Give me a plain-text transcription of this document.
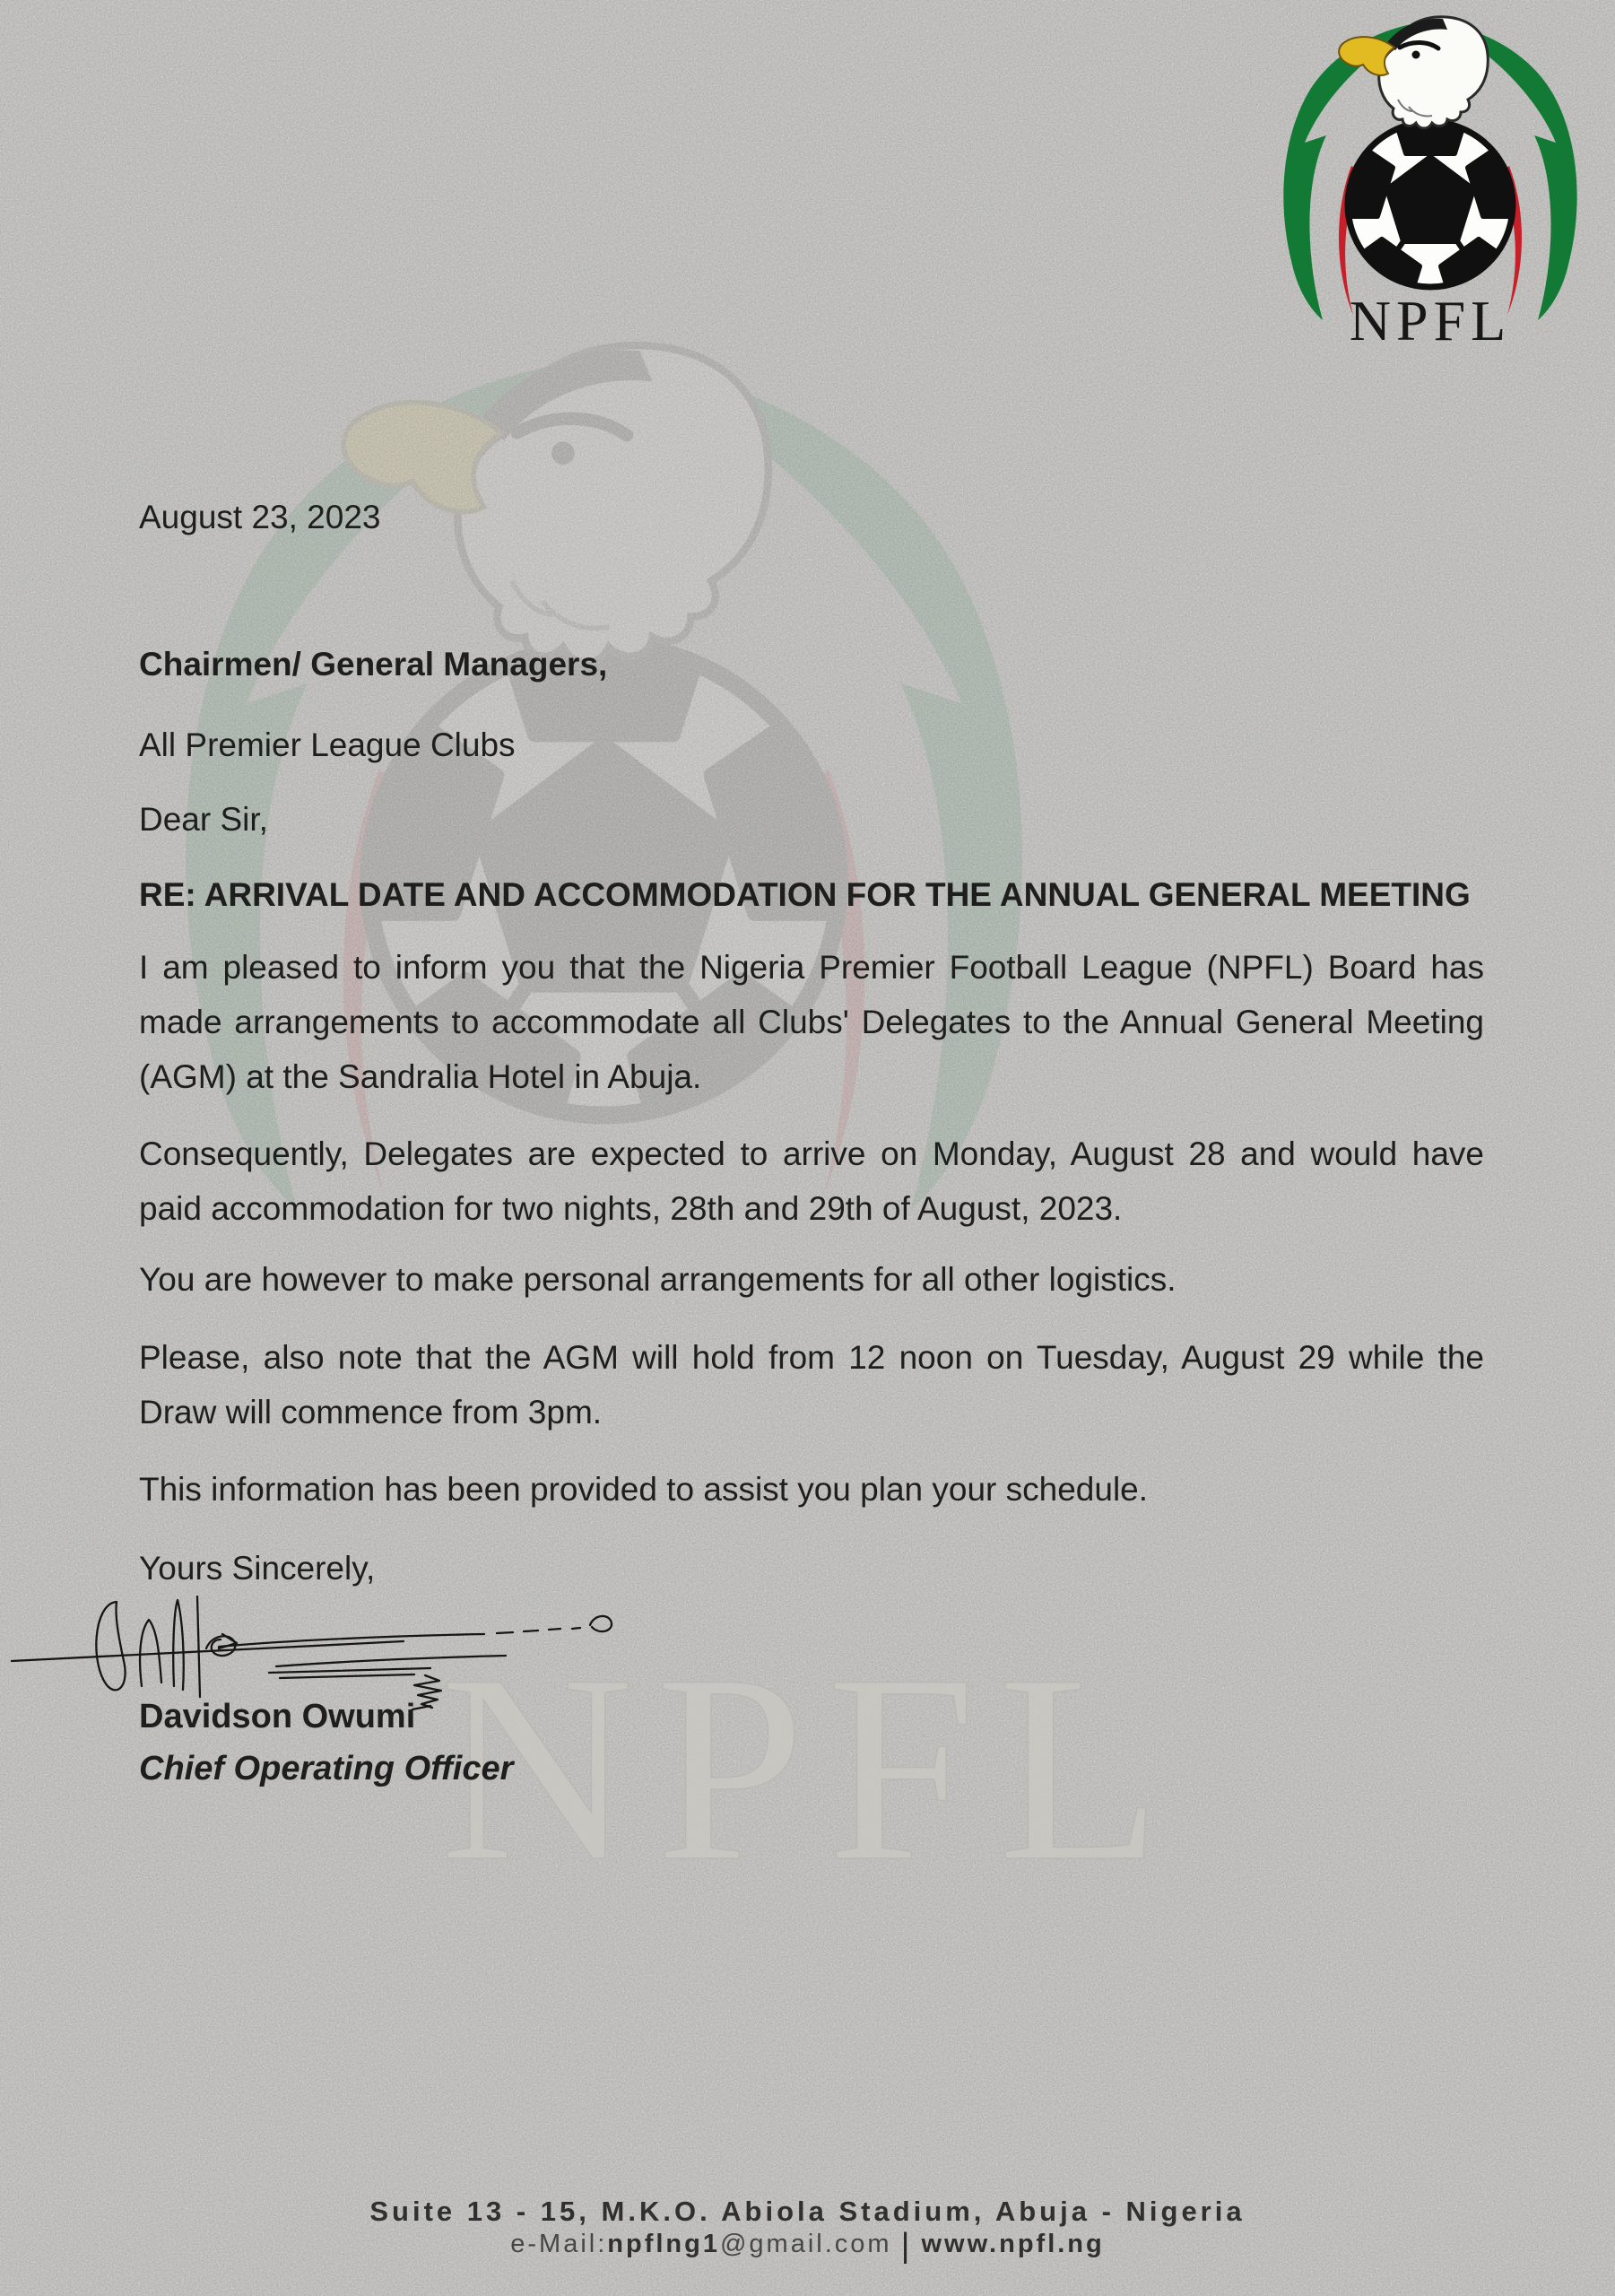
NPFL
NPFL
August 23, 2023
Chairmen/ General Managers,
All Premier League Clubs
Dear Sir,
RE: ARRIVAL DATE AND ACCOMMODATION FOR THE ANNUAL GENERAL MEETING
I am pleased to inform you that the Nigeria Premier Football League (NPFL) Board has made arrangements to accommodate all Clubs' Delegates to the Annual General Meeting (AGM) at the Sandralia Hotel in Abuja.
Consequently, Delegates are expected to arrive on Monday, August 28 and would have paid accommodation for two nights, 28th and 29th of August, 2023.
You are however to make personal arrangements for all other logistics.
Please, also note that the AGM will hold from 12 noon on Tuesday, August 29 while the Draw will commence from 3pm.
This information has been provided to assist you plan your schedule.
Yours Sincerely,
Davidson Owumi
Chief Operating Officer
Suite 13 - 15, M.K.O. Abiola Stadium, Abuja - Nigeria
e-Mail:npflng1@gmail.com | www.npfl.ng
